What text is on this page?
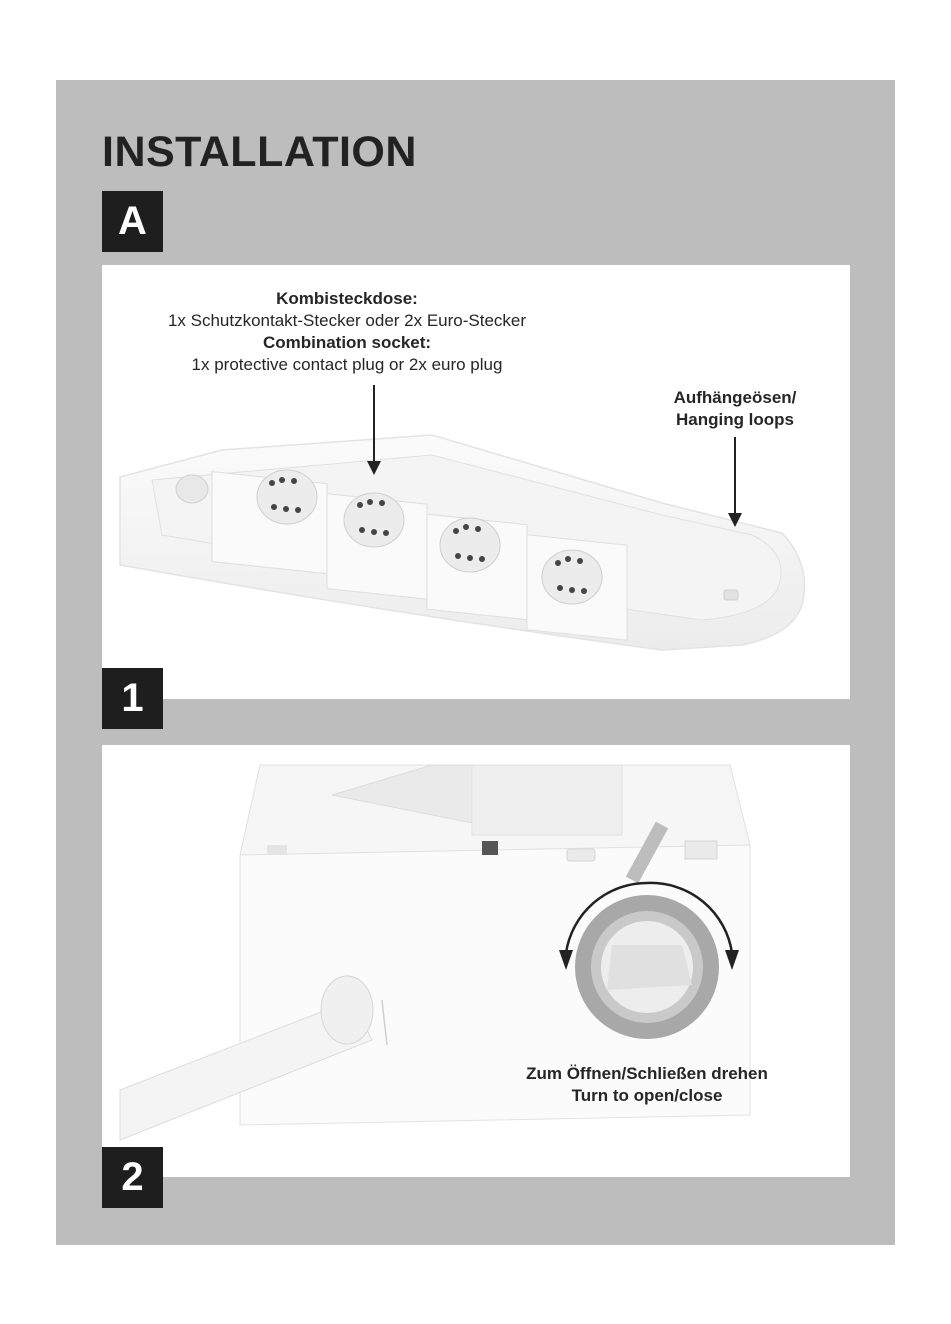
INSTALLATION
A
Kombisteckdose:
1x Schutzkontakt-Stecker oder 2x Euro-Stecker
Combination socket:
1x protective contact plug or 2x euro plug
Aufhängeösen/
Hanging loops
1
Zum Öffnen/Schließen drehen
Turn to open/close
2
